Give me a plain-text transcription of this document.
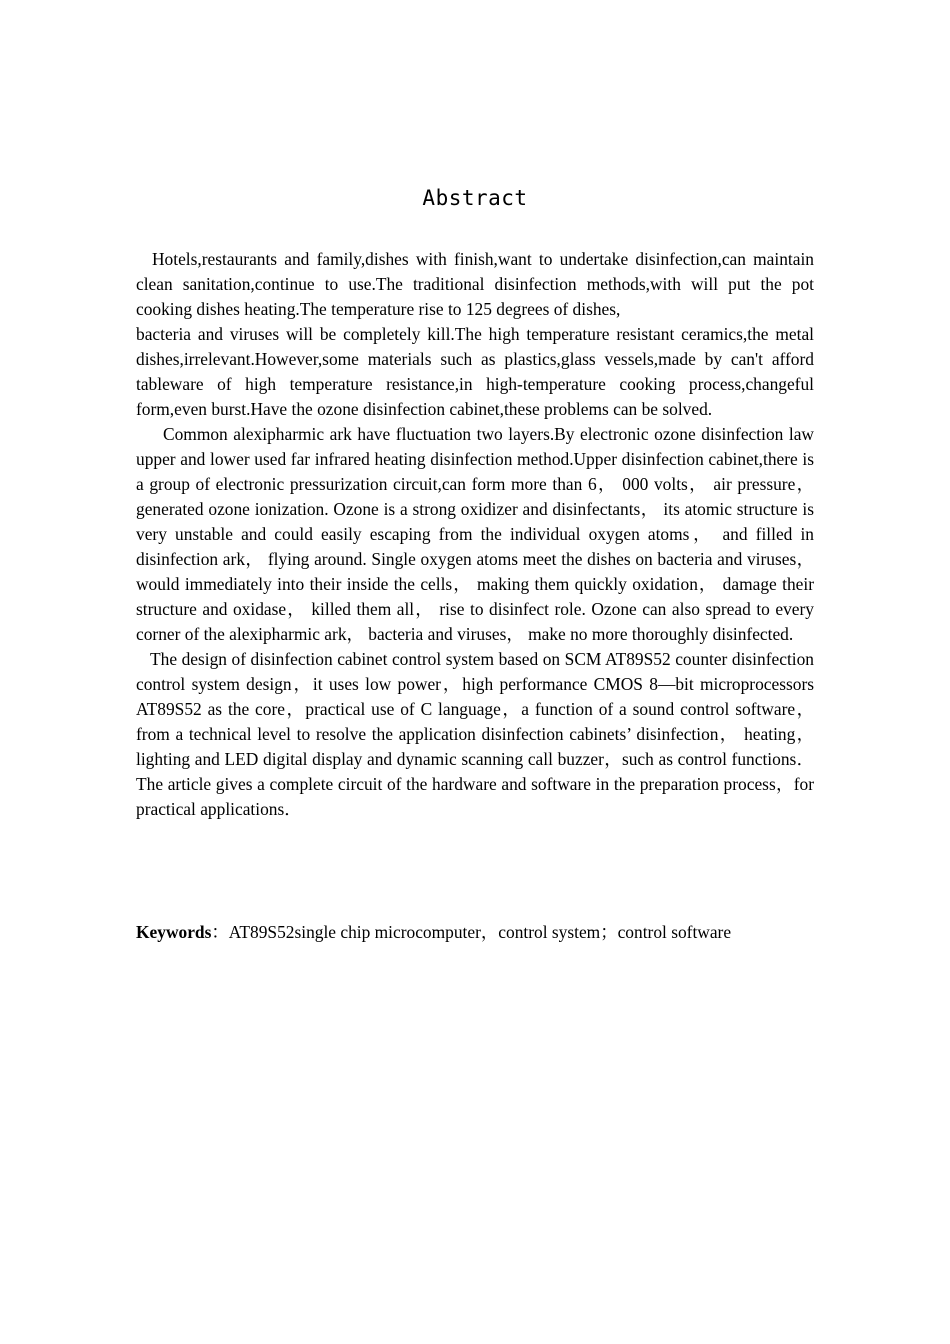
Abstract

Hotels,restaurants and family,dishes with finish,want to undertake disinfection,can maintain clean sanitation,continue to use.The traditional disinfection methods,with will put the pot cooking dishes heating.The temperature rise to 125 degrees of dishes,

bacteria and viruses will be completely kill.The high temperature resistant ceramics,the metal dishes,irrelevant.However,some materials such as plastics,glass vessels,made by can't afford tableware of high temperature resistance,in high-temperature cooking process,changeful form,even burst.Have the ozone disinfection cabinet,these problems can be solved.

Common alexipharmic ark have fluctuation two layers.By electronic ozone disinfection law upper and lower used far infrared heating disinfection method.Upper disinfection cabinet,there is a group of electronic pressurization circuit,can form more than 6， 000 volts， air pressure， generated ozone ionization. Ozone is a strong oxidizer and disinfectants， its atomic structure is very unstable and could easily escaping from the individual oxygen atoms， and filled in disinfection ark， flying around. Single oxygen atoms meet the dishes on bacteria and viruses， would immediately into their inside the cells， making them quickly oxidation， damage their structure and oxidase， killed them all， rise to disinfect role. Ozone can also spread to every corner of the alexipharmic ark， bacteria and viruses， make no more thoroughly disinfected.

The design of disinfection cabinet control system based on SCM AT89S52 counter disinfection control system design，it uses low power，high performance CMOS 8—bit microprocessors AT89S52 as the core，practical use of C language，a function of a sound control software，from a technical level to resolve the application disinfection cabinets’ disinfection， heating， lighting and LED digital display and dynamic scanning call buzzer，such as control functions．The article gives a complete circuit of the hardware and software in the preparation process，for practical applications．

Keywords：AT89S52single chip microcomputer，control system；control software
